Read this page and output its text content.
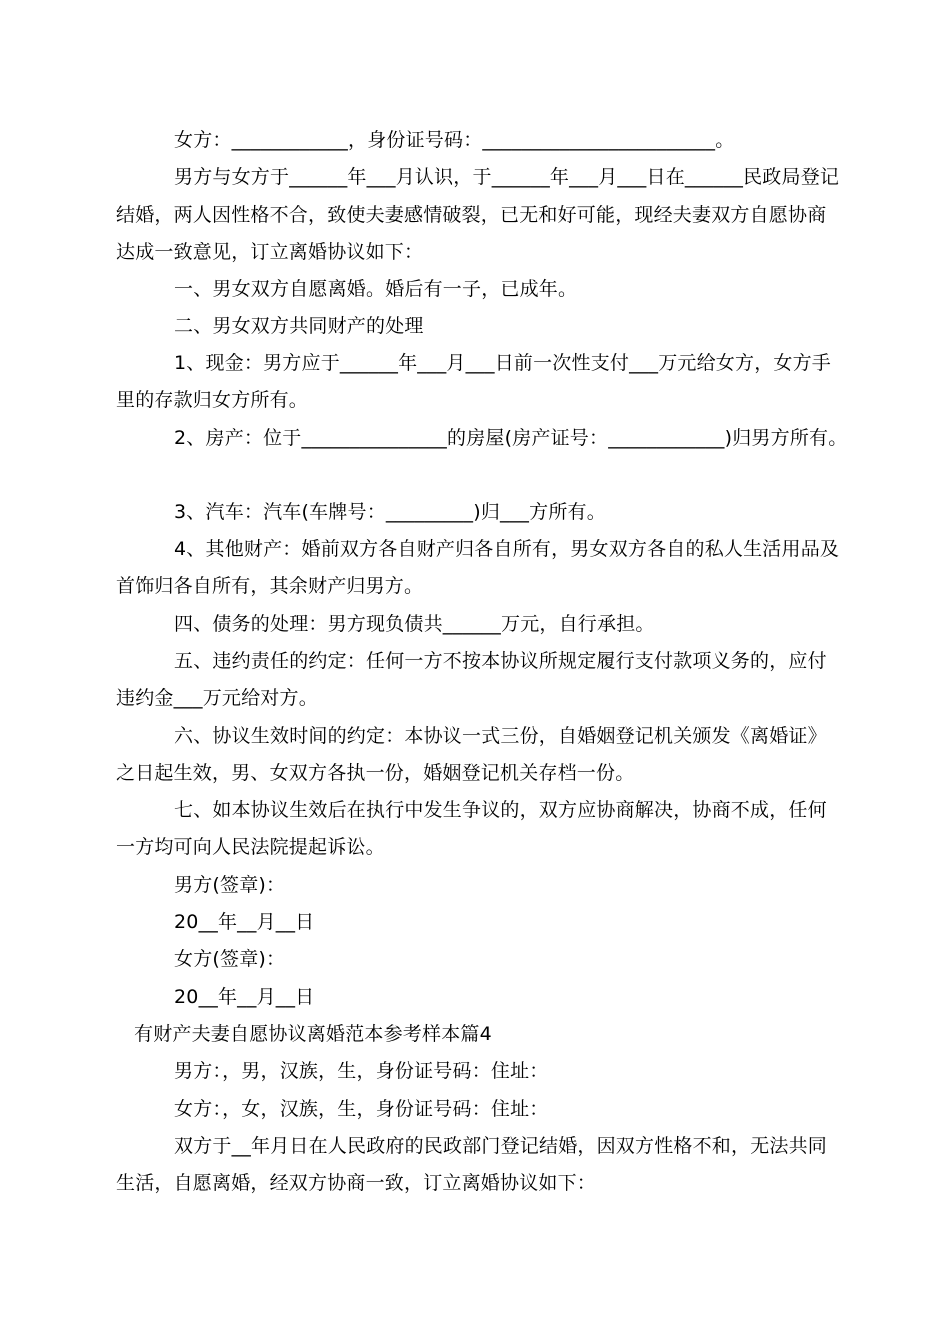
女方：____________，身份证号码：________________________。
男方与女方于______年___月认识，于______年___月___日在______民政局登记
结婚，两人因性格不合，致使夫妻感情破裂，已无和好可能，现经夫妻双方自愿协商
达成一致意见，订立离婚协议如下：
一、男女双方自愿离婚。婚后有一子，已成年。
二、男女双方共同财产的处理
1、现金：男方应于______年___月___日前一次性支付___万元给女方，女方手
里的存款归女方所有。
2、房产：位于_______________的房屋(房产证号：____________)归男方所有。
3、汽车：汽车(车牌号：_________)归___方所有。
4、其他财产：婚前双方各自财产归各自所有，男女双方各自的私人生活用品及
首饰归各自所有，其余财产归男方。
四、债务的处理：男方现负债共______万元，自行承担。
五、违约责任的约定：任何一方不按本协议所规定履行支付款项义务的，应付
违约金___万元给对方。
六、协议生效时间的约定：本协议一式三份，自婚姻登记机关颁发《离婚证》
之日起生效，男、女双方各执一份，婚姻登记机关存档一份。
七、如本协议生效后在执行中发生争议的，双方应协商解决，协商不成，任何
一方均可向人民法院提起诉讼。
男方(签章)：
20__年__月__日
女方(签章)：
20__年__月__日
有财产夫妻自愿协议离婚范本参考样本篇4
男方：，男，汉族，生，身份证号码：住址：
女方：，女，汉族，生，身份证号码：住址：
双方于__年月日在人民政府的民政部门登记结婚，因双方性格不和，无法共同
生活，自愿离婚，经双方协商一致，订立离婚协议如下：
